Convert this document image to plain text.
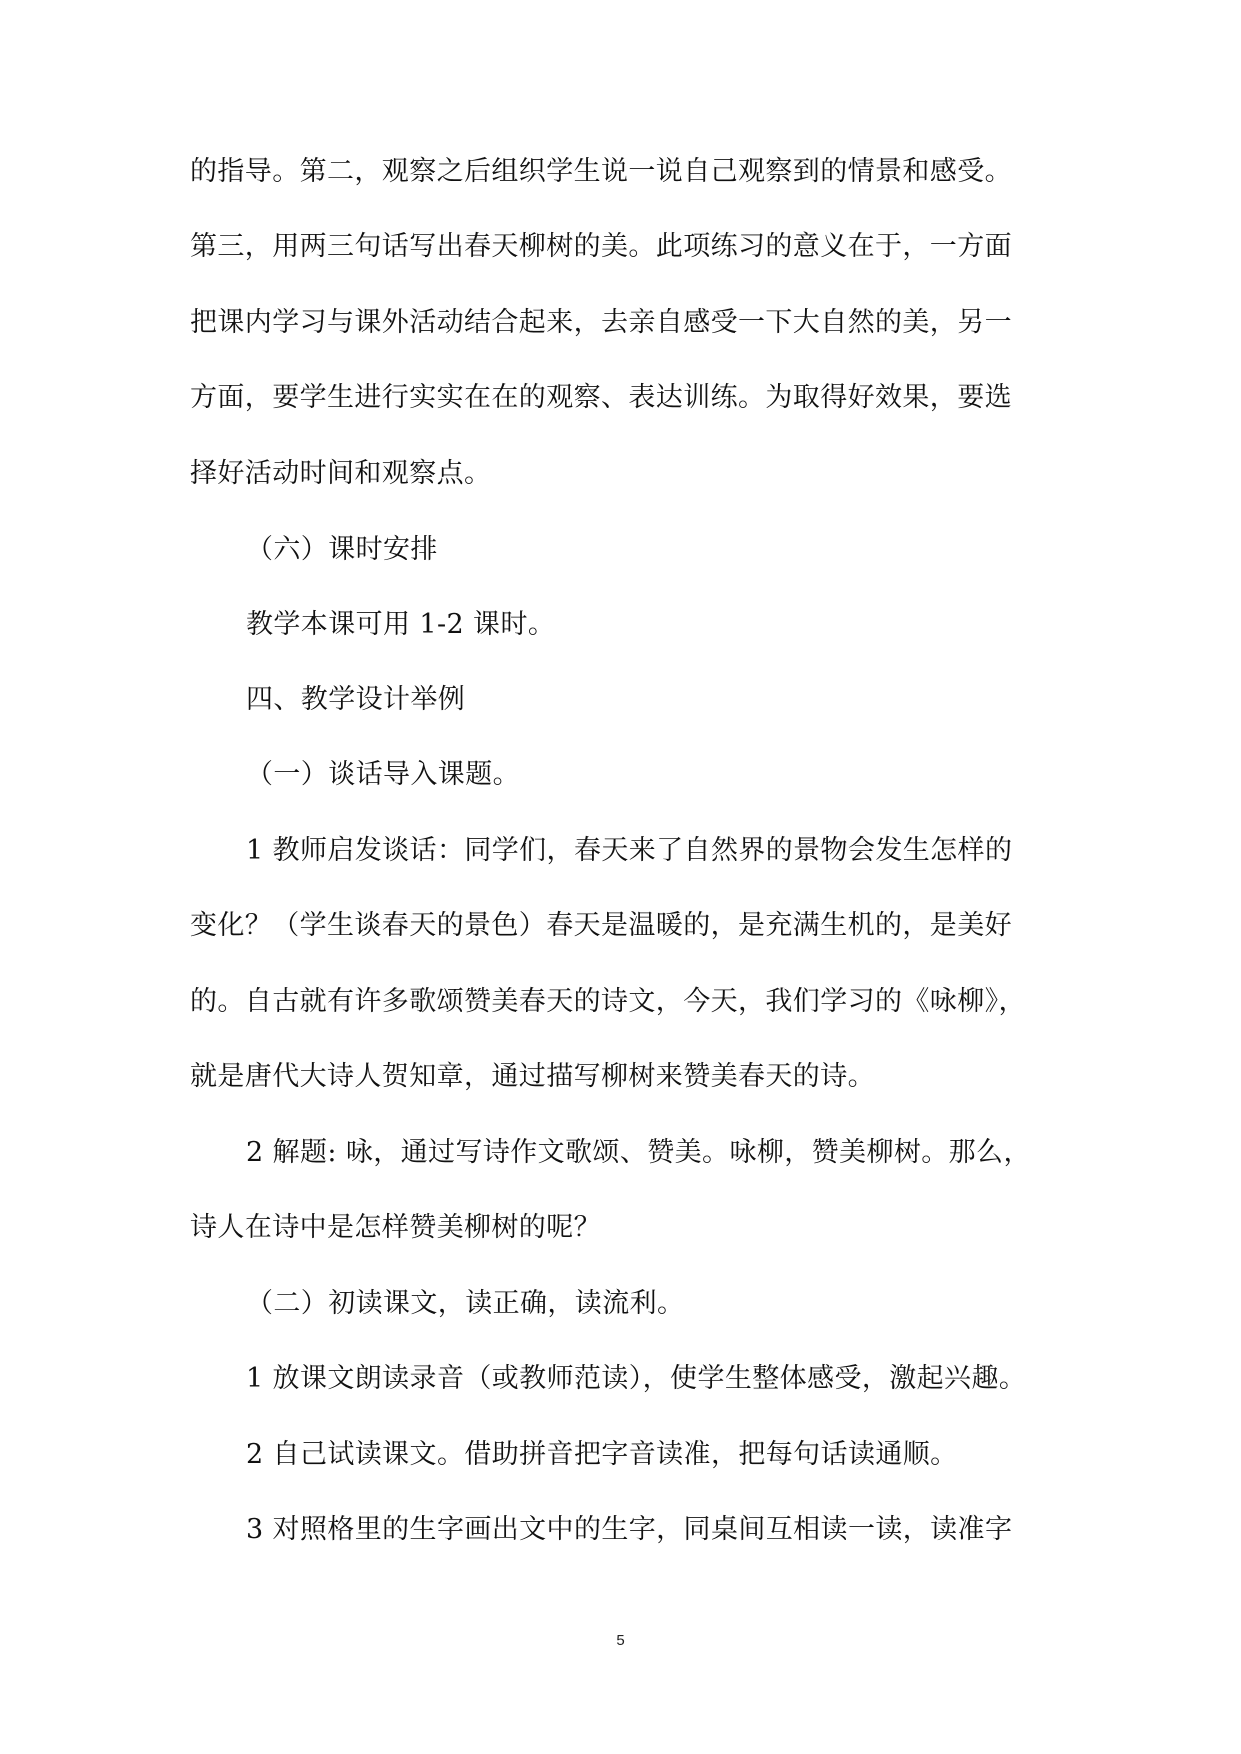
的指导。第二，观察之后组织学生说一说自己观察到的情景和感受。
第三，用两三句话写出春天柳树的美。此项练习的意义在于，一方面
把课内学习与课外活动结合起来，去亲自感受一下大自然的美，另一
方面，要学生进行实实在在的观察、表达训练。为取得好效果，要选
择好活动时间和观察点。
（六）课时安排
教学本课可用 1-2 课时。
四、教学设计举例
（一）谈话导入课题。
1 教师启发谈话：同学们，春天来了自然界的景物会发生怎样的
变化？（学生谈春天的景色）春天是温暖的，是充满生机的，是美好
的。自古就有许多歌颂赞美春天的诗文，今天，我们学习的《咏柳》，
就是唐代大诗人贺知章，通过描写柳树来赞美春天的诗。
2 解题: 咏，通过写诗作文歌颂、赞美。咏柳，赞美柳树。那么，
诗人在诗中是怎样赞美柳树的呢？
（二）初读课文，读正确，读流利。
1 放课文朗读录音（或教师范读），使学生整体感受，激起兴趣。
2 自己试读课文。借助拼音把字音读准，把每句话读通顺。
3 对照格里的生字画出文中的生字，同桌间互相读一读，读准字
5
